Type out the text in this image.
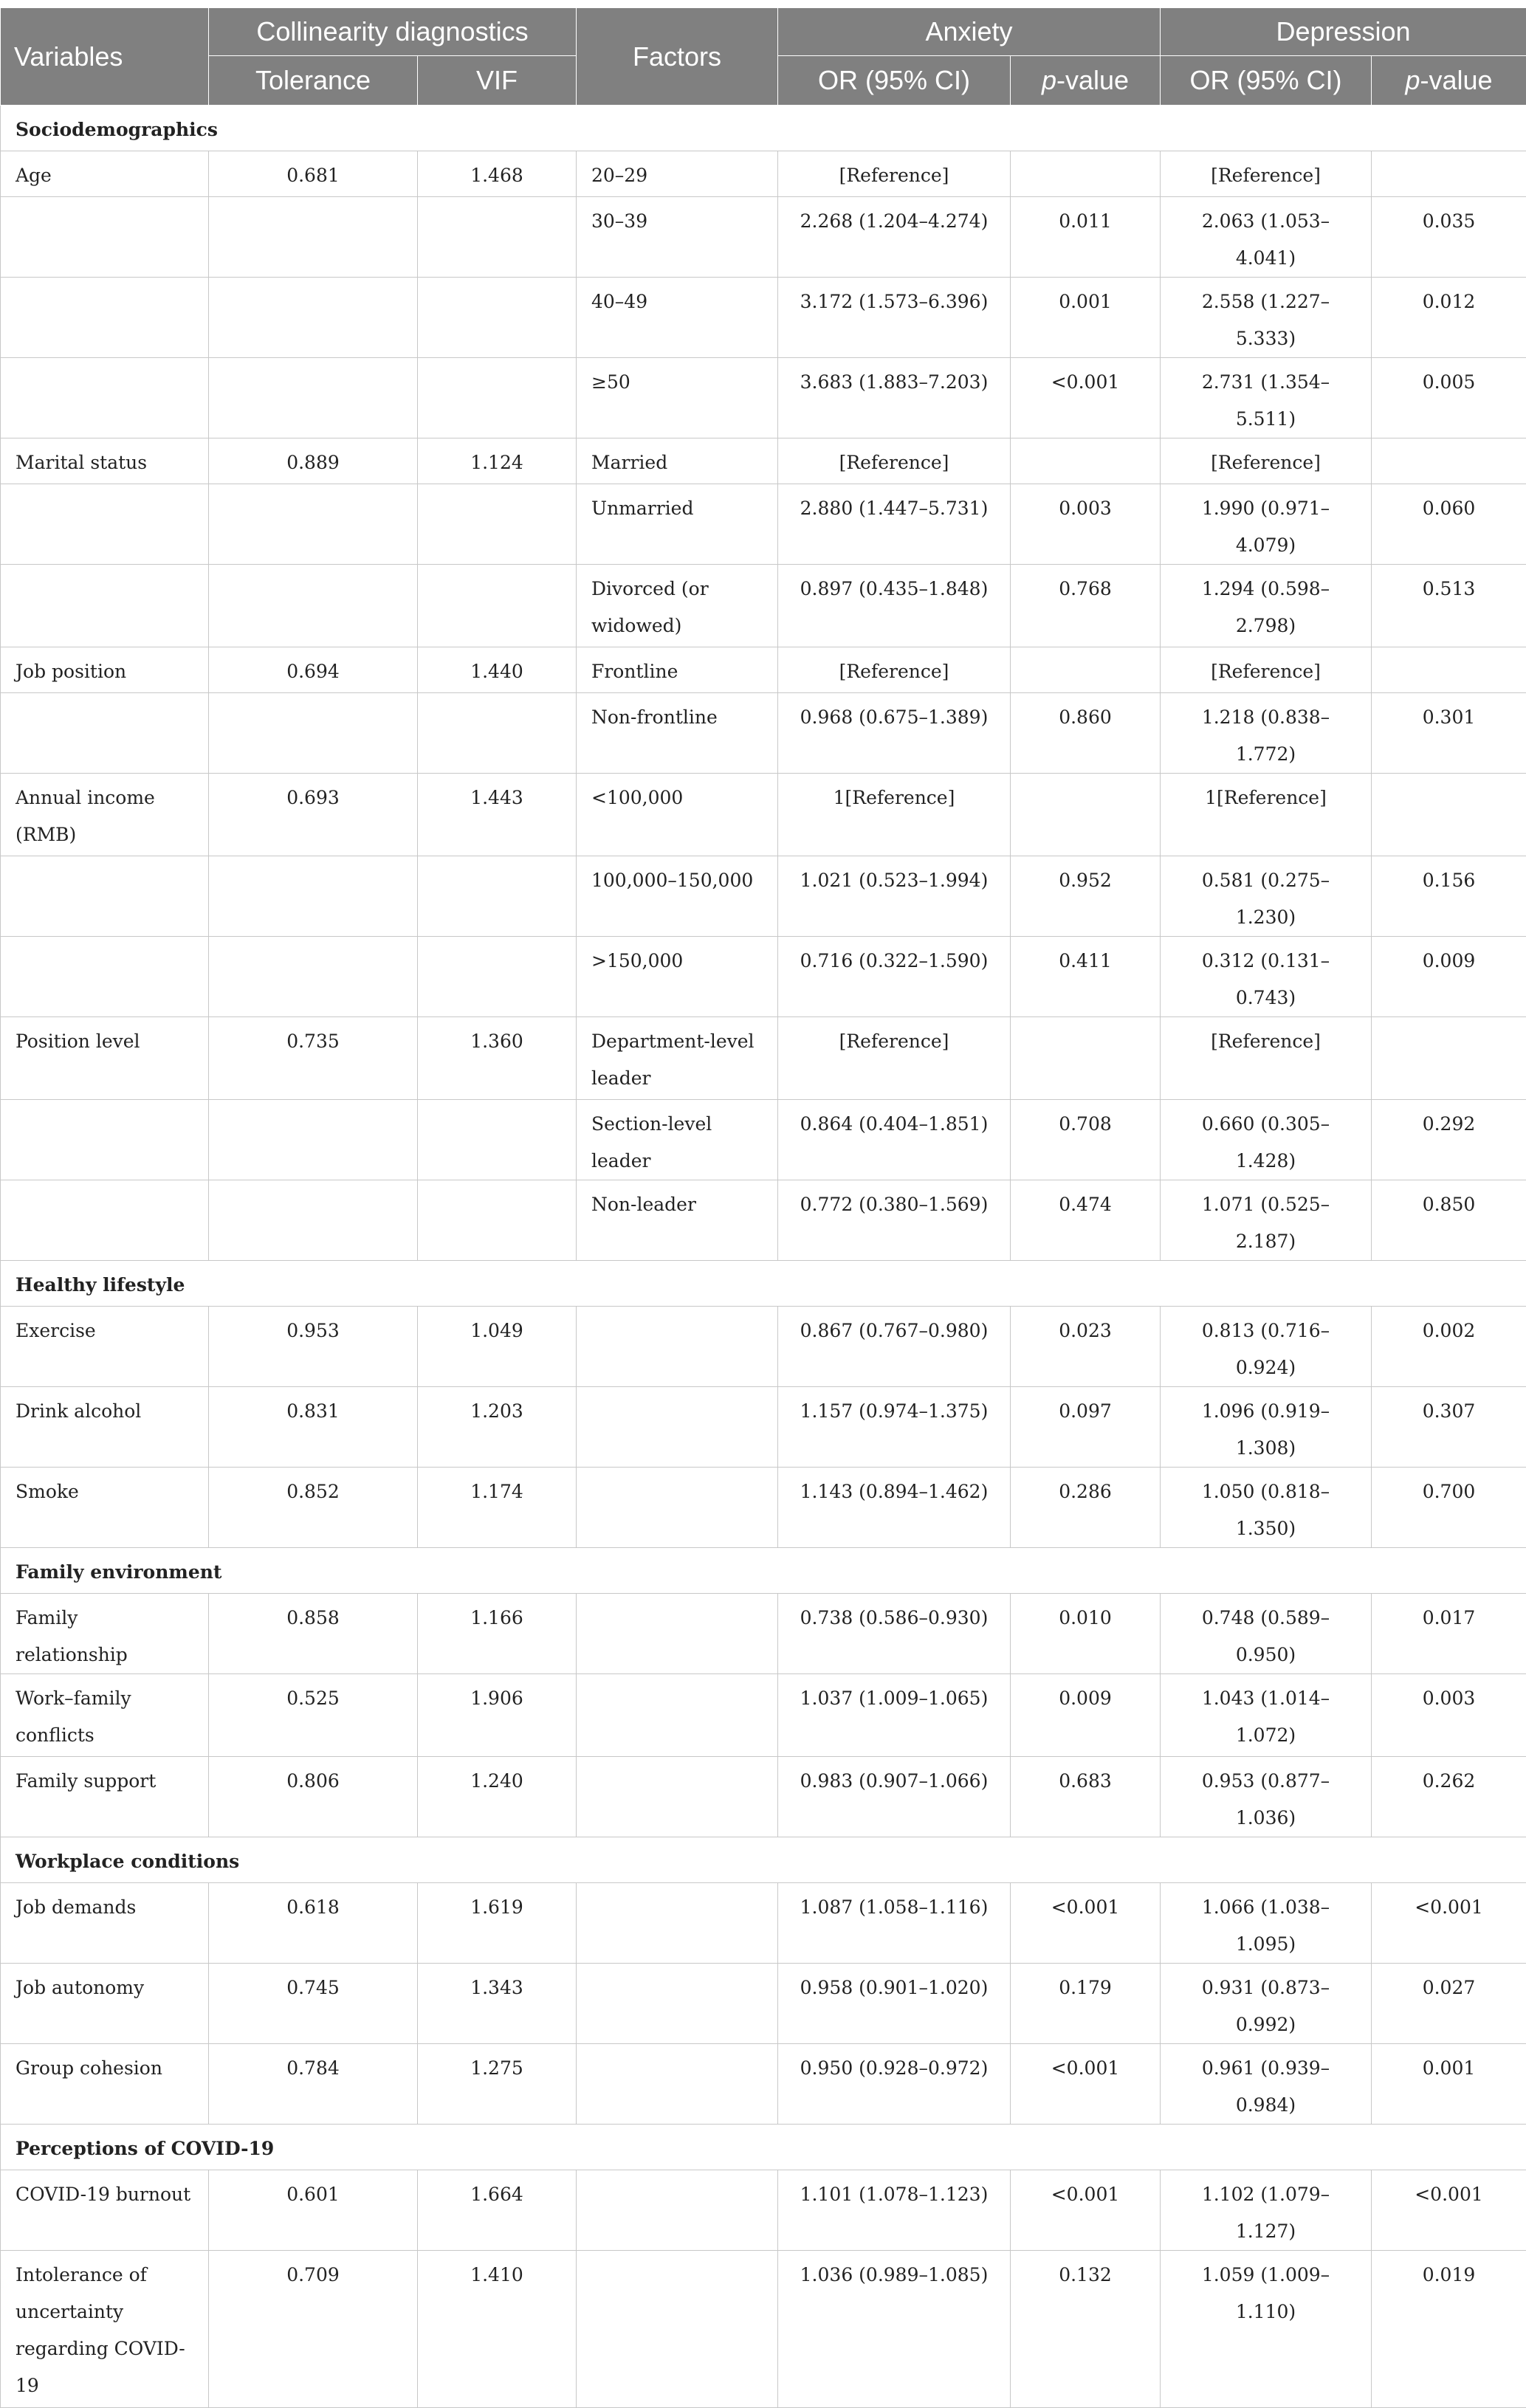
Variables	Collinearity diagnostics		Factors	Anxiety		Depression	
	Tolerance	VIF		OR (95% CI)	p-value	OR (95% CI)	p-value
Sociodemographics							
Age	0.681	1.468	20–29	[Reference]		[Reference]	
			30–39	2.268 (1.204–4.274)	0.011	2.063 (1.053–4.041)	0.035
			40–49	3.172 (1.573–6.396)	0.001	2.558 (1.227–5.333)	0.012
			≥50	3.683 (1.883–7.203)	<0.001	2.731 (1.354–5.511)	0.005
Marital status	0.889	1.124	Married	[Reference]		[Reference]	
			Unmarried	2.880 (1.447–5.731)	0.003	1.990 (0.971–4.079)	0.060
			Divorced (or widowed)	0.897 (0.435–1.848)	0.768	1.294 (0.598–2.798)	0.513
Job position	0.694	1.440	Frontline	[Reference]		[Reference]	
			Non-frontline	0.968 (0.675–1.389)	0.860	1.218 (0.838–1.772)	0.301
Annual income (RMB)	0.693	1.443	<100,000	1[Reference]		1[Reference]	
			100,000–150,000	1.021 (0.523–1.994)	0.952	0.581 (0.275–1.230)	0.156
			>150,000	0.716 (0.322–1.590)	0.411	0.312 (0.131–0.743)	0.009
Position level	0.735	1.360	Department-level leader	[Reference]		[Reference]	
			Section-level leader	0.864 (0.404–1.851)	0.708	0.660 (0.305–1.428)	0.292
			Non-leader	0.772 (0.380–1.569)	0.474	1.071 (0.525–2.187)	0.850
Healthy lifestyle							
Exercise	0.953	1.049		0.867 (0.767–0.980)	0.023	0.813 (0.716–0.924)	0.002
Drink alcohol	0.831	1.203		1.157 (0.974–1.375)	0.097	1.096 (0.919–1.308)	0.307
Smoke	0.852	1.174		1.143 (0.894–1.462)	0.286	1.050 (0.818–1.350)	0.700
Family environment							
Family relationship	0.858	1.166		0.738 (0.586–0.930)	0.010	0.748 (0.589–0.950)	0.017
Work–family conflicts	0.525	1.906		1.037 (1.009–1.065)	0.009	1.043 (1.014–1.072)	0.003
Family support	0.806	1.240		0.983 (0.907–1.066)	0.683	0.953 (0.877–1.036)	0.262
Workplace conditions							
Job demands	0.618	1.619		1.087 (1.058–1.116)	<0.001	1.066 (1.038–1.095)	<0.001
Job autonomy	0.745	1.343		0.958 (0.901–1.020)	0.179	0.931 (0.873–0.992)	0.027
Group cohesion	0.784	1.275		0.950 (0.928–0.972)	<0.001	0.961 (0.939–0.984)	0.001
Perceptions of COVID-19							
COVID-19 burnout	0.601	1.664		1.101 (1.078–1.123)	<0.001	1.102 (1.079–1.127)	<0.001
Intolerance of uncertainty regarding COVID-19	0.709	1.410		1.036 (0.989–1.085)	0.132	1.059 (1.009–1.110)	0.019
